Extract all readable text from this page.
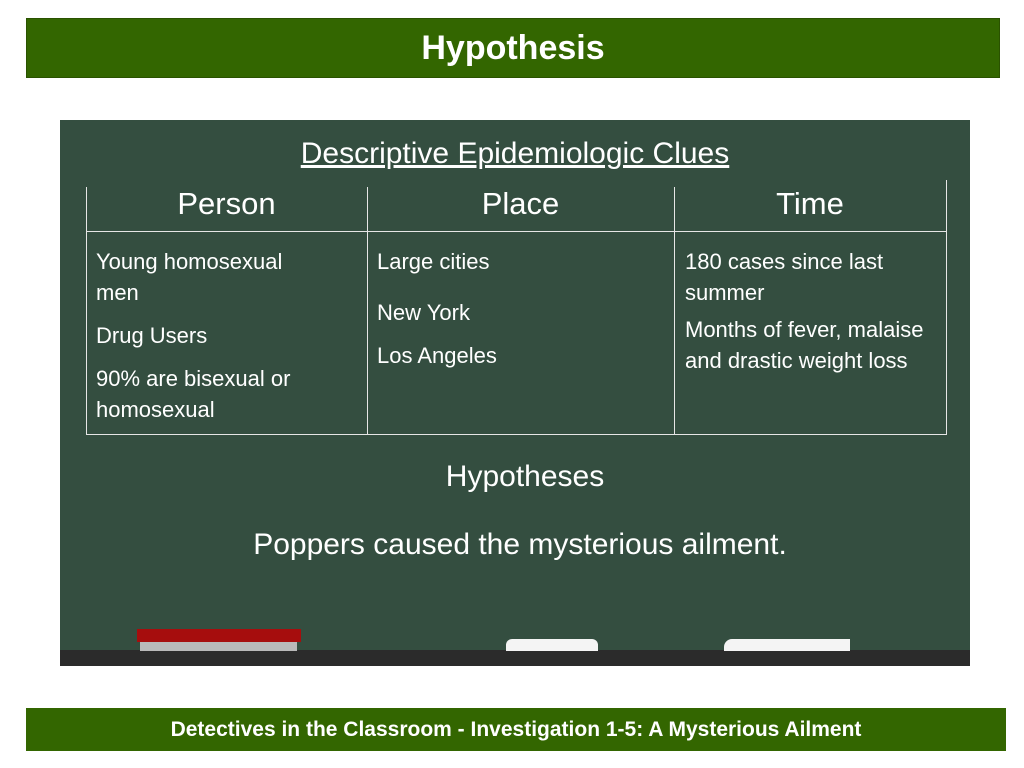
Hypothesis
Descriptive Epidemiologic Clues
Person	Place	Time

Young homosexual men

Drug Users

90% are bisexual or homosexual

Large cities

New York

Los Angeles

180 cases since last summer

Months of fever, malaise and drastic weight loss

Hypotheses
Poppers caused the mysterious ailment.
Detectives in the Classroom - Investigation 1-5: A Mysterious Ailment
